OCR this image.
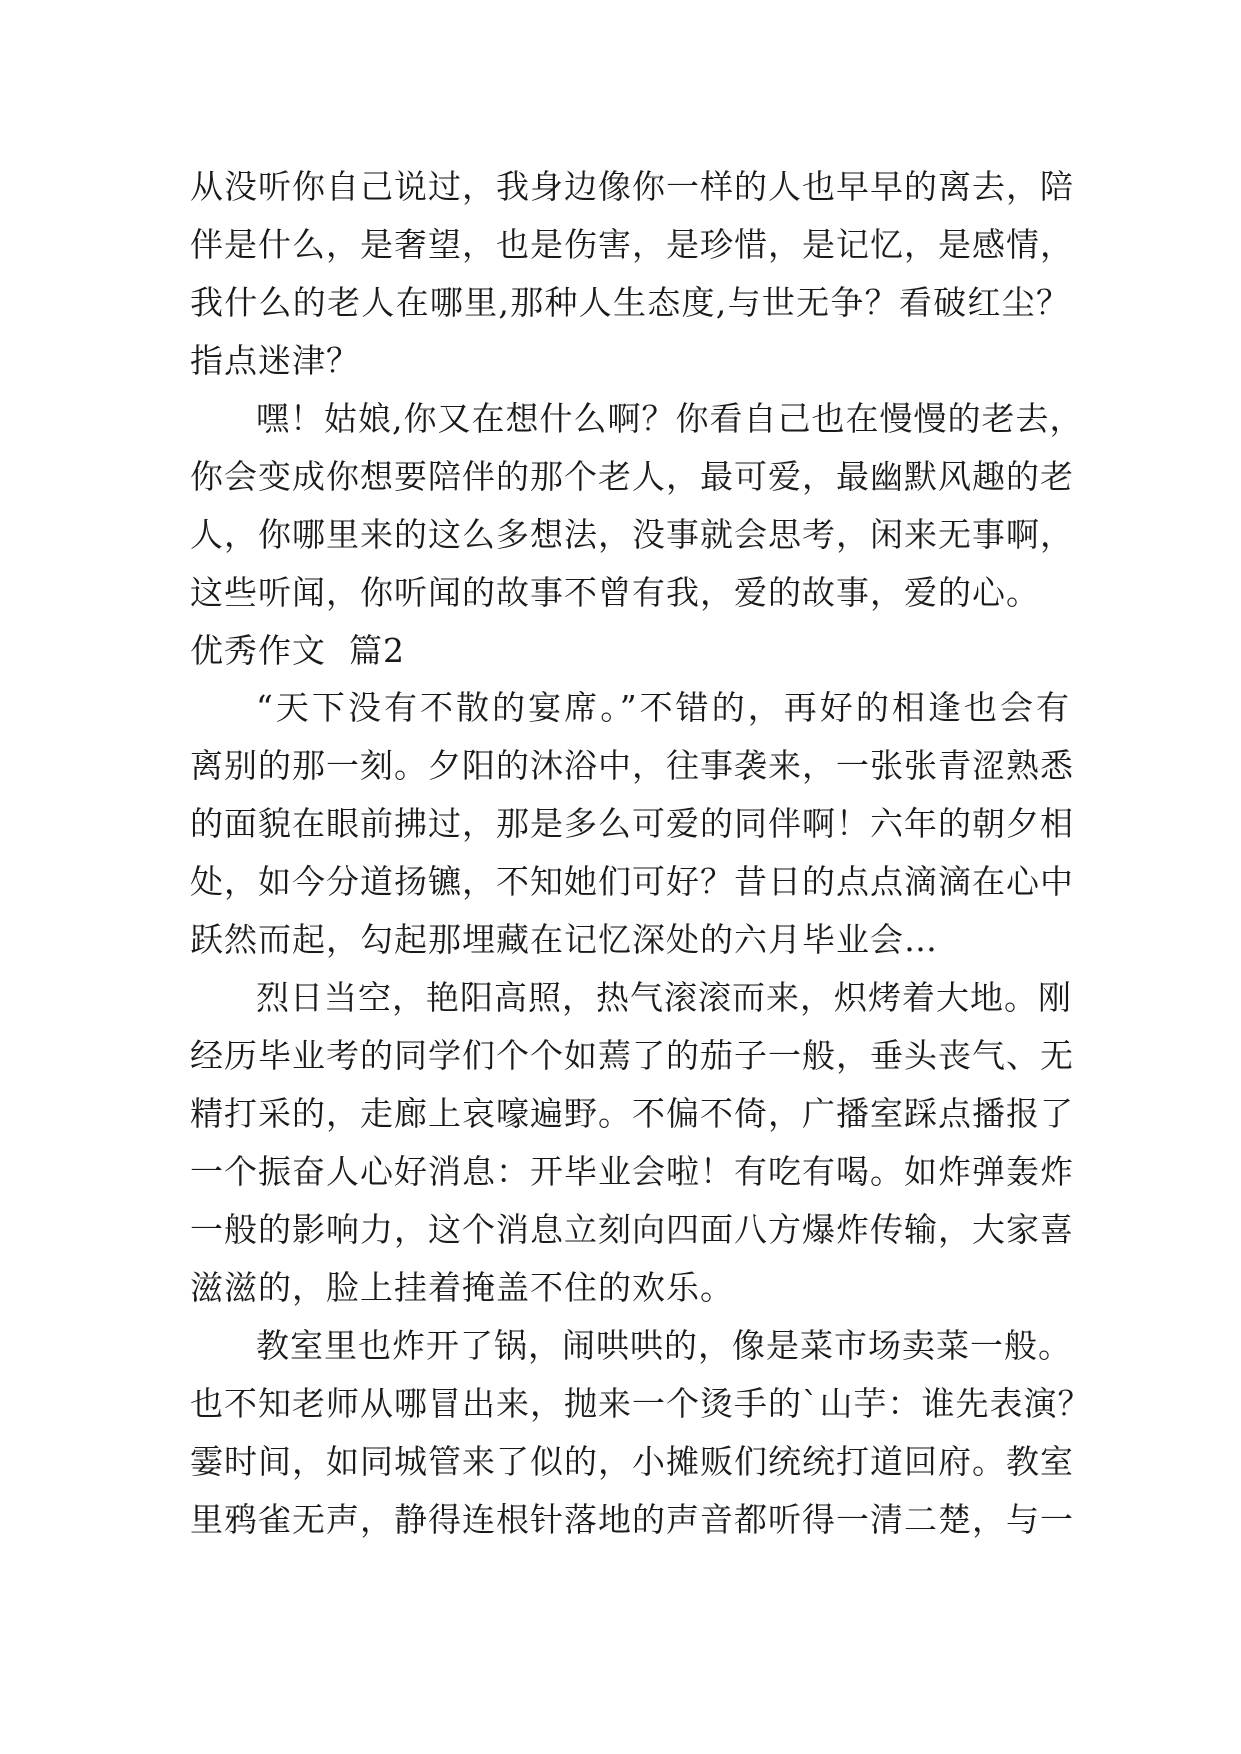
从没听你自己说过，我身边像你一样的人也早早的离去，陪
伴是什么，是奢望，也是伤害，是珍惜，是记忆，是感情，
我什么的老人在哪里,那种人生态度,与世无争？看破红尘？
指点迷津？
嘿！姑娘,你又在想什么啊？你看自己也在慢慢的老去，
你会变成你想要陪伴的那个老人，最可爱，最幽默风趣的老
人，你哪里来的这么多想法，没事就会思考，闲来无事啊，
这些听闻，你听闻的故事不曾有我，爱的故事，爱的心。
优秀作文  篇2
“天下没有不散的宴席。”不错的，再好的相逢也会有
离别的那一刻。夕阳的沐浴中，往事袭来，一张张青涩熟悉
的面貌在眼前拂过，那是多么可爱的同伴啊！六年的朝夕相
处，如今分道扬镳，不知她们可好？昔日的点点滴滴在心中
跃然而起，勾起那埋藏在记忆深处的六月毕业会…
烈日当空，艳阳高照，热气滚滚而来，炽烤着大地。刚
经历毕业考的同学们个个如蔫了的茄子一般，垂头丧气、无
精打采的，走廊上哀嚎遍野。不偏不倚，广播室踩点播报了
一个振奋人心好消息：开毕业会啦！有吃有喝。如炸弹轰炸
一般的影响力，这个消息立刻向四面八方爆炸传输，大家喜
滋滋的，脸上挂着掩盖不住的欢乐。
教室里也炸开了锅，闹哄哄的，像是菜市场卖菜一般。
也不知老师从哪冒出来，抛来一个烫手的`山芋：谁先表演？
霎时间，如同城管来了似的，小摊贩们统统打道回府。教室
里鸦雀无声，静得连根针落地的声音都听得一清二楚，与一
